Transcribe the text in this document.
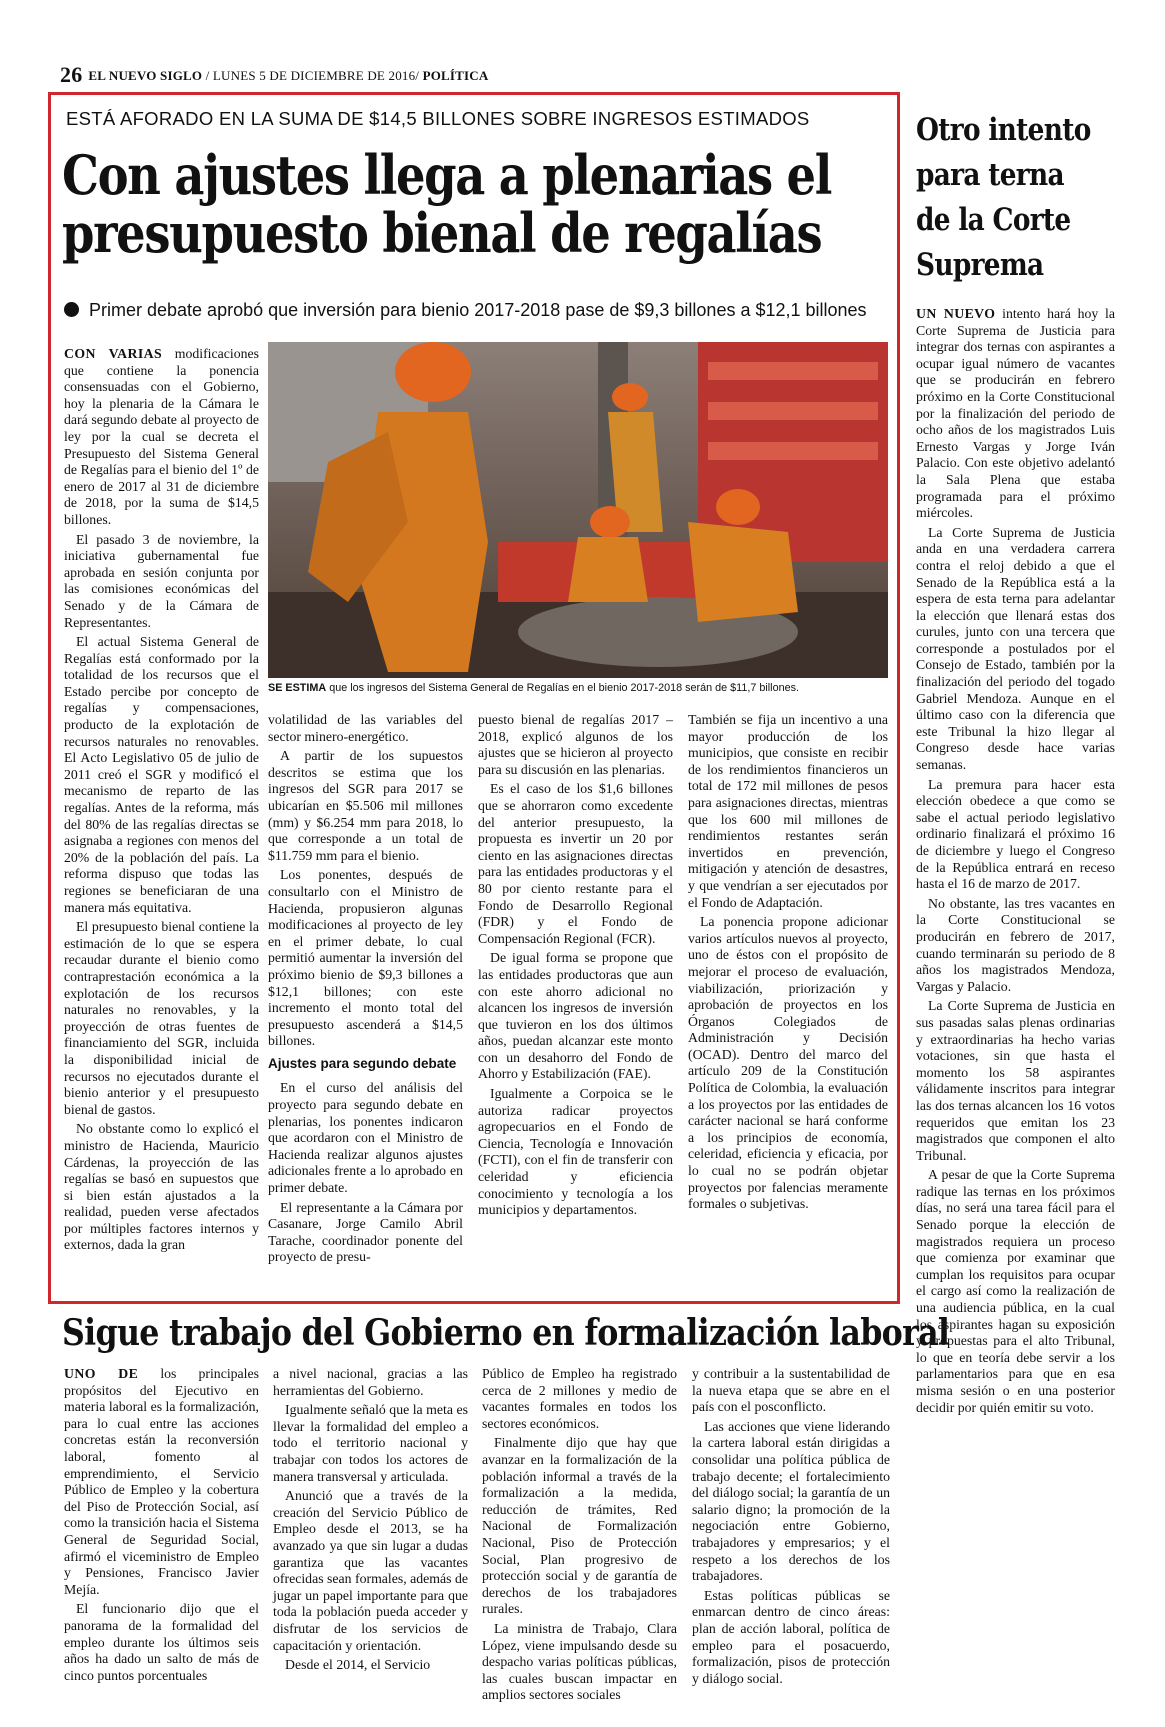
26 EL NUEVO SIGLO / LUNES 5 DE DICIEMBRE DE 2016/ POLÍTICA
ESTÁ AFORADO EN LA SUMA DE $14,5 BILLONES SOBRE INGRESOS ESTIMADOS
Con ajustes llega a plenarias el
presupuesto bienal de regalías
Primer debate aprobó que inversión para bienio 2017-2018 pase de $9,3 billones a $12,1 billones

CON VARIAS modificaciones que contiene la ponencia consensuadas con el Gobierno, hoy la plenaria de la Cámara le dará segundo debate al proyecto de ley por la cual se decreta el Presupuesto del Sistema General de Regalías para el bienio del 1º de enero de 2017 al 31 de diciembre de 2018, por la suma de $14,5 billones.

El pasado 3 de noviembre, la iniciativa gubernamental fue aprobada en sesión conjunta por las comisiones económicas del Senado y de la Cámara de Representantes.

El actual Sistema General de Regalías está conformado por la totalidad de los recursos que el Estado percibe por concepto de regalías y compensaciones, producto de la explotación de recursos naturales no renovables. El Acto Legislativo 05 de julio de 2011 creó el SGR y modificó el mecanismo de reparto de las regalías. Antes de la reforma, más del 80% de las regalías directas se asignaba a regiones con menos del 20% de la población del país. La reforma dispuso que todas las regiones se beneficiaran de una manera más equitativa.

El presupuesto bienal contiene la estimación de lo que se espera recaudar durante el bienio como contraprestación económica a la explotación de los recursos naturales no renovables, y la proyección de otras fuentes de financiamiento del SGR, incluida la disponibilidad inicial de recursos no ejecutados durante el bienio anterior y el presupuesto bienal de gastos.

No obstante como lo explicó el ministro de Hacienda, Mauricio Cárdenas, la proyección de las regalías se basó en supuestos que si bien están ajustados a la realidad, pueden verse afectados por múltiples factores internos y externos, dada la gran

SE ESTIMA que los ingresos del Sistema General de Regalías en el bienio 2017-2018 serán de $11,7 billones.

volatilidad de las variables del sector minero-energético.

A partir de los supuestos descritos se estima que los ingresos del SGR para 2017 se ubicarían en $5.506 mil millones (mm) y $6.254 mm para 2018, lo que corresponde a un total de $11.759 mm para el bienio.

Los ponentes, después de consultarlo con el Ministro de Hacienda, propusieron algunas modificaciones al proyecto de ley en el primer debate, lo cual permitió aumentar la inversión del próximo bienio de $9,3 billones a $12,1 billones; con este incremento el monto total del presupuesto ascenderá a $14,5 billones.

Ajustes para segundo debate

En el curso del análisis del proyecto para segundo debate en plenarias, los ponentes indicaron que acordaron con el Ministro de Hacienda realizar algunos ajustes adicionales frente a lo aprobado en primer debate.

El representante a la Cámara por Casanare, Jorge Camilo Abril Tarache, coordinador ponente del proyecto de presu-

puesto bienal de regalías 2017 – 2018, explicó algunos de los ajustes que se hicieron al proyecto para su discusión en las plenarias.

Es el caso de los $1,6 billones que se ahorraron como excedente del anterior presupuesto, la propuesta es invertir un 20 por ciento en las asignaciones directas para las entidades productoras y el 80 por ciento restante para el Fondo de Desarrollo Regional (FDR) y el Fondo de Compensación Regional (FCR).

De igual forma se propone que las entidades productoras que aun con este ahorro adicional no alcancen los ingresos de inversión que tuvieron en los dos últimos años, puedan alcanzar este monto con un desahorro del Fondo de Ahorro y Estabilización (FAE).

Igualmente a Corpoica se le autoriza radicar proyectos agropecuarios en el Fondo de Ciencia, Tecnología e Innovación (FCTI), con el fin de transferir con celeridad y eficiencia conocimiento y tecnología a los municipios y departamentos.

También se fija un incentivo a una mayor producción de los municipios, que consiste en recibir de los rendimientos financieros un total de 172 mil millones de pesos para asignaciones directas, mientras que los 600 mil millones de rendimientos restantes serán invertidos en prevención, mitigación y atención de desastres, y que vendrían a ser ejecutados por el Fondo de Adaptación.

La ponencia propone adicionar varios artículos nuevos al proyecto, uno de éstos con el propósito de mejorar el proceso de evaluación, viabilización, priorización y aprobación de proyectos en los Órganos Colegiados de Administración y Decisión (OCAD). Dentro del marco del artículo 209 de la Constitución Política de Colombia, la evaluación a los proyectos por las entidades de carácter nacional se hará conforme a los principios de economía, celeridad, eficiencia y eficacia, por lo cual no se podrán objetar proyectos por falencias meramente formales o subjetivas.

Otro intento
para terna
de la Corte
Suprema

UN NUEVO intento hará hoy la Corte Suprema de Justicia para integrar dos ternas con aspirantes a ocupar igual número de vacantes que se producirán en febrero próximo en la Corte Constitucional por la finalización del periodo de ocho años de los magistrados Luis Ernesto Vargas y Jorge Iván Palacio. Con este objetivo adelantó la Sala Plena que estaba programada para el próximo miércoles.

La Corte Suprema de Justicia anda en una verdadera carrera contra el reloj debido a que el Senado de la República está a la espera de esta terna para adelantar la elección que llenará estas dos curules, junto con una tercera que corresponde a postulados por el Consejo de Estado, también por la finalización del periodo del togado Gabriel Mendoza. Aunque en el último caso con la diferencia que este Tribunal la hizo llegar al Congreso desde hace varias semanas.

La premura para hacer esta elección obedece a que como se sabe el actual periodo legislativo ordinario finalizará el próximo 16 de diciembre y luego el Congreso de la República entrará en receso hasta el 16 de marzo de 2017.

No obstante, las tres vacantes en la Corte Constitucional se producirán en febrero de 2017, cuando terminarán su periodo de 8 años los magistrados Mendoza, Vargas y Palacio.

La Corte Suprema de Justicia en sus pasadas salas plenas ordinarias y extraordinarias ha hecho varias votaciones, sin que hasta el momento los 58 aspirantes válidamente inscritos para integrar las dos ternas alcancen los 16 votos requeridos que emitan los 23 magistrados que componen el alto Tribunal.

A pesar de que la Corte Suprema radique las ternas en los próximos días, no será una tarea fácil para el Senado porque la elección de magistrados requiera un proceso que comienza por examinar que cumplan los requisitos para ocupar el cargo así como la realización de una audiencia pública, en la cual los aspirantes hagan su exposición y propuestas para el alto Tribunal, lo que en teoría debe servir a los parlamentarios para que en esa misma sesión o en una posterior decidir por quién emitir su voto.

Sigue trabajo del Gobierno en formalización laboral

UNO DE los principales propósitos del Ejecutivo en materia laboral es la formalización, para lo cual entre las acciones concretas están la reconversión laboral, fomento al emprendimiento, el Servicio Público de Empleo y la cobertura del Piso de Protección Social, así como la transición hacia el Sistema General de Seguridad Social, afirmó el viceministro de Empleo y Pensiones, Francisco Javier Mejía.

El funcionario dijo que el panorama de la formalidad del empleo durante los últimos seis años ha dado un salto de más de cinco puntos porcentuales

a nivel nacional, gracias a las herramientas del Gobierno.

Igualmente señaló que la meta es llevar la formalidad del empleo a todo el territorio nacional y trabajar con todos los actores de manera transversal y articulada.

Anunció que a través de la creación del Servicio Público de Empleo desde el 2013, se ha avanzado ya que sin lugar a dudas garantiza que las vacantes ofrecidas sean formales, además de jugar un papel importante para que toda la población pueda acceder y disfrutar de los servicios de capacitación y orientación.

Desde el 2014, el Servicio

Público de Empleo ha registrado cerca de 2 millones y medio de vacantes formales en todos los sectores económicos.

Finalmente dijo que hay que avanzar en la formalización de la población informal a través de la formalización a la medida, reducción de trámites, Red Nacional de Formalización Nacional, Piso de Protección Social, Plan progresivo de protección social y de garantía de derechos de los trabajadores rurales.

La ministra de Trabajo, Clara López, viene impulsando desde su despacho varias políticas públicas, las cuales buscan impactar en amplios sectores sociales

y contribuir a la sustentabilidad de la nueva etapa que se abre en el país con el posconflicto.

Las acciones que viene liderando la cartera laboral están dirigidas a consolidar una política pública de trabajo decente; el fortalecimiento del diálogo social; la garantía de un salario digno; la promoción de la negociación entre Gobierno, trabajadores y empresarios; y el respeto a los derechos de los trabajadores.

Estas políticas públicas se enmarcan dentro de cinco áreas: plan de acción laboral, política de empleo para el posacuerdo, formalización, pisos de protección y diálogo social.
